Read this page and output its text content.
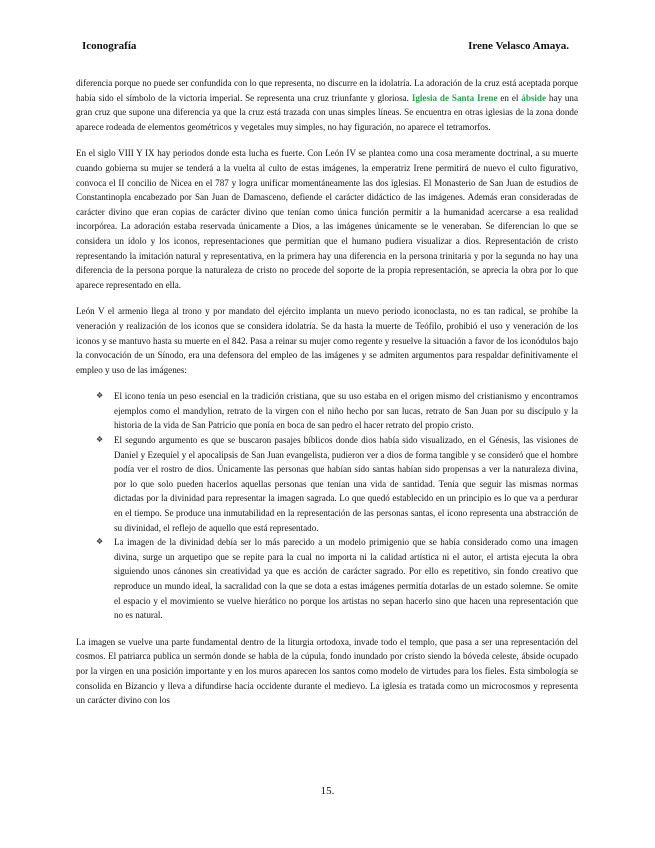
Iconografía	Irene Velasco Amaya.

diferencia porque no puede ser confundida con lo que representa, no discurre en la idolatría. La adoración de la cruz está aceptada porque había sido el símbolo de la victoria imperial. Se representa una cruz triunfante y gloriosa. Iglesia de Santa Irene en el ábside hay una gran cruz que supone una diferencia ya que la cruz está trazada con unas simples líneas. Se encuentra en otras iglesias de la zona donde aparece rodeada de elementos geométricos y vegetales muy simples, no hay figuración, no aparece el tetramorfos.

En el siglo VIII Y IX hay periodos donde esta lucha es fuerte. Con León IV se plantea como una cosa meramente doctrinal, a su muerte cuando gobierna su mujer se tenderá a la vuelta al culto de estas imágenes, la emperatriz Irene permitirá de nuevo el culto figurativo, convoca el II concilio de Nicea en el 787 y logra unificar momentáneamente las dos iglesias. El Monasterio de San Juan de estudios de Constantinopla encabezado por San Juan de Damasceno, defiende el carácter didáctico de las imágenes. Además eran consideradas de carácter divino que eran copias de carácter divino que tenían como única función permitir a la humanidad acercarse a esa realidad incorpórea. La adoración estaba reservada únicamente a Dios, a las imágenes únicamente se le veneraban. Se diferencian lo que se considera un ídolo y los iconos, representaciones que permitían que el humano pudiera visualizar a dios. Representación de cristo representando la imitación natural y representativa, en la primera hay una diferencia en la persona trinitaria y por la segunda no hay una diferencia de la persona porque la naturaleza de cristo no procede del soporte de la propia representación, se aprecia la obra por lo que aparece representado en ella.

León V el armenio llega al trono y por mandato del ejército implanta un nuevo periodo iconoclasta, no es tan radical, se prohíbe la veneración y realización de los iconos que se considera idolatría. Se da hasta la muerte de Teófilo, prohibió el uso y veneración de los iconos y se mantuvo hasta su muerte en el 842. Pasa a reinar su mujer como regente y resuelve la situación a favor de los iconódulos bajo la convocación de un Sínodo, era una defensora del empleo de las imágenes y se admiten argumentos para respaldar definitivamente el empleo y uso de las imágenes:

❖ El icono tenía un peso esencial en la tradición cristiana, que su uso estaba en el origen mismo del cristianismo y encontramos ejemplos como el mandylion, retrato de la virgen con el niño hecho por san lucas, retrato de San Juan por su discípulo y la historia de la vida de San Patricio que ponía en boca de san pedro el hacer retrato del propio cristo.
❖ El segundo argumento es que se buscaron pasajes bíblicos donde dios había sido visualizado, en el Génesis, las visiones de Daniel y Ezequiel y el apocalipsis de San Juan evangelista, pudieron ver a dios de forma tangible y se consideró que el hombre podía ver el rostro de dios. Únicamente las personas que habían sido santas habían sido propensas a ver la naturaleza divina, por lo que solo pueden hacerlos aquellas personas que tenían una vida de santidad. Tenía que seguir las mismas normas dictadas por la divinidad para representar la imagen sagrada. Lo que quedó establecido en un principio es lo que va a perdurar en el tiempo. Se produce una inmutabilidad en la representación de las personas santas, el icono representa una abstracción de su divinidad, el reflejo de aquello que está representado.
❖ La imagen de la divinidad debía ser lo más parecido a un modelo primigenio que se había considerado como una imagen divina, surge un arquetipo que se repite para la cual no importa ni la calidad artística ni el autor, el artista ejecuta la obra siguiendo unos cánones sin creatividad ya que es acción de carácter sagrado. Por ello es repetitivo, sin fondo creativo que reproduce un mundo ideal, la sacralidad con la que se dota a estas imágenes permitía dotarlas de un estado solemne. Se omite el espacio y el movimiento se vuelve hierático no porque los artistas no sepan hacerlo sino que hacen una representación que no es natural.

La imagen se vuelve una parte fundamental dentro de la liturgia ortodoxa, invade todo el templo, que pasa a ser una representación del cosmos. El patriarca publica un sermón donde se habla de la cúpula, fondo inundado por cristo siendo la bóveda celeste, ábside ocupado por la virgen en una posición importante y en los muros aparecen los santos como modelo de virtudes para los fieles. Esta simbología se consolida en Bizancio y lleva a difundirse hacia occidente durante el medievo. La iglesia es tratada como un microcosmos y representa un carácter divino con los

15.
